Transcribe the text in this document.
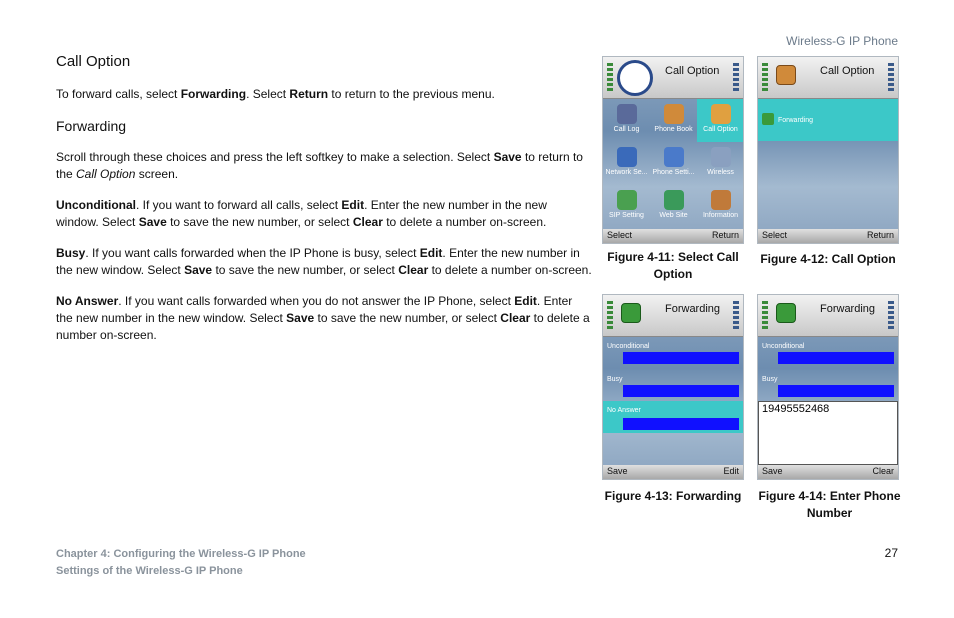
Wireless-G IP Phone
Call Option

To forward calls, select Forwarding. Select Return to return to the previous menu.

Forwarding

Scroll through these choices and press the left softkey to make a selection. Select Save to return to the Call Option screen.

Unconditional. If you want to forward all calls, select Edit. Enter the new number in the new window. Select Save to save the new number, or select Clear to delete a number on-screen.

Busy. If you want calls forwarded when the IP Phone is busy, select Edit. Enter the new number in the new window. Select Save to save the new number, or select Clear to delete a number on-screen.

No Answer. If you want calls forwarded when you do not answer the IP Phone, select Edit. Enter the new number in the new window. Select Save to save the new number, or select Clear to delete a number on-screen.

Call Option
Call Log	Phone Book	Call Option
Network Se... Phone Setti...	Wireless
SIP Setting	Web Site	Information
Select	Return
Figure 4-11: Select Call Option
Call Option
Forwarding
Select	Return
Figure 4-12: Call Option
Forwarding
Unconditional
Busy
No Answer
Save	Edit
Figure 4-13: Forwarding
Forwarding
Unconditional
Busy
19495552468
Save	Clear
Figure 4-14: Enter Phone Number
Chapter 4: Configuring the Wireless-G IP Phone
Settings of the Wireless-G IP Phone
27
